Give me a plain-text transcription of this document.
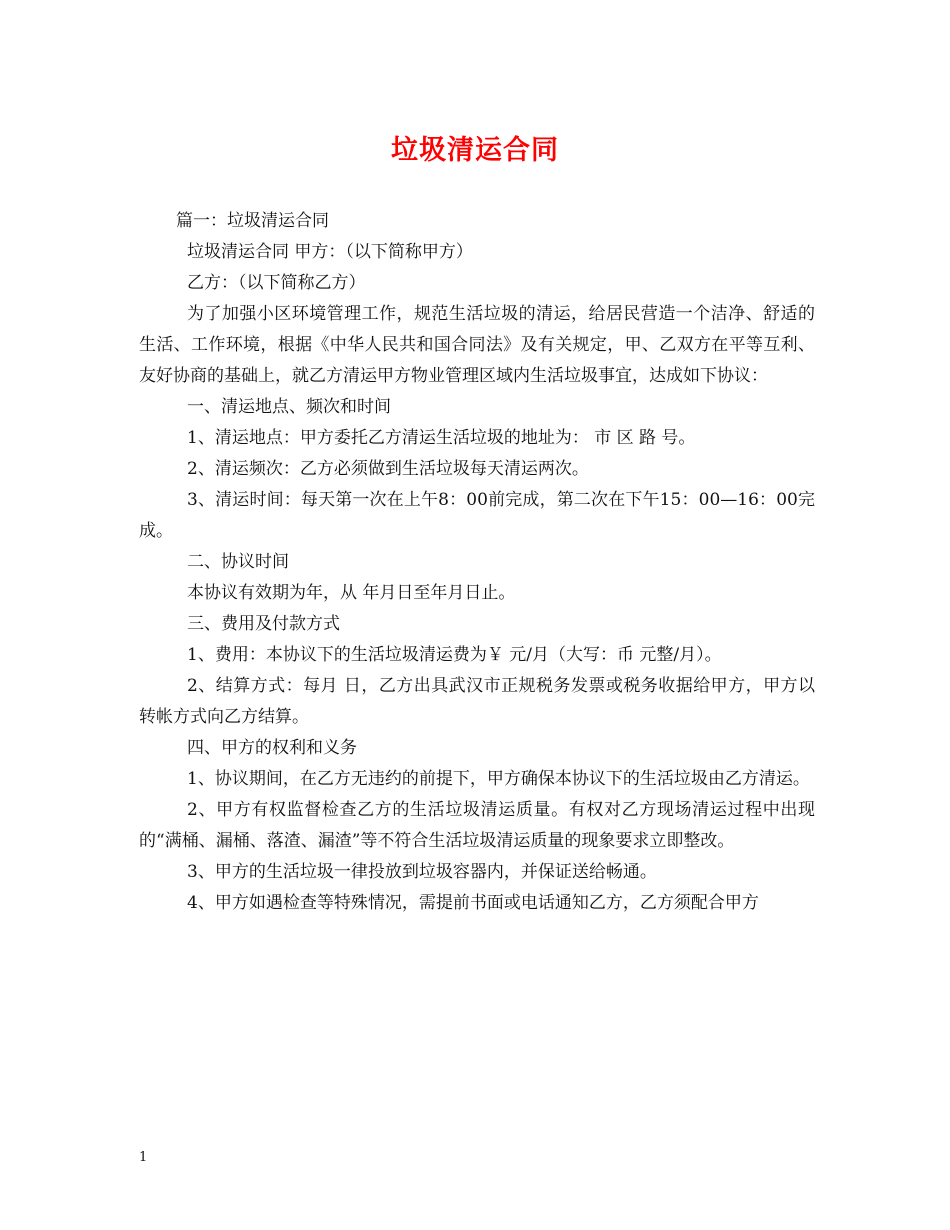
垃圾清运合同

篇一：垃圾清运合同

垃圾清运合同 甲方：（以下简称甲方）

乙方：（以下简称乙方）

为了加强小区环境管理工作，规范生活垃圾的清运，给居民营造一个洁净、舒适的生活、工作环境，根据《中华人民共和国合同法》及有关规定，甲、乙双方在平等互利、友好协商的基础上，就乙方清运甲方物业管理区域内生活垃圾事宜，达成如下协议：

一、清运地点、频次和时间

1、清运地点：甲方委托乙方清运生活垃圾的地址为： 市 区 路 号。

2、清运频次：乙方必须做到生活垃圾每天清运两次。

3、清运时间：每天第一次在上午8：00前完成，第二次在下午15：00—16：00完成。

二、协议时间

本协议有效期为年，从 年月日至年月日止。

三、费用及付款方式

1、费用：本协议下的生活垃圾清运费为￥ 元/月（大写：币 元整/月）。

2、结算方式：每月 日，乙方出具武汉市正规税务发票或税务收据给甲方，甲方以转帐方式向乙方结算。

四、甲方的权利和义务

1、协议期间，在乙方无违约的前提下，甲方确保本协议下的生活垃圾由乙方清运。

2、甲方有权监督检查乙方的生活垃圾清运质量。有权对乙方现场清运过程中出现的“满桶、漏桶、落渣、漏渣”等不符合生活垃圾清运质量的现象要求立即整改。

3、甲方的生活垃圾一律投放到垃圾容器内，并保证送给畅通。

4、甲方如遇检查等特殊情况，需提前书面或电话通知乙方，乙方须配合甲方

1
